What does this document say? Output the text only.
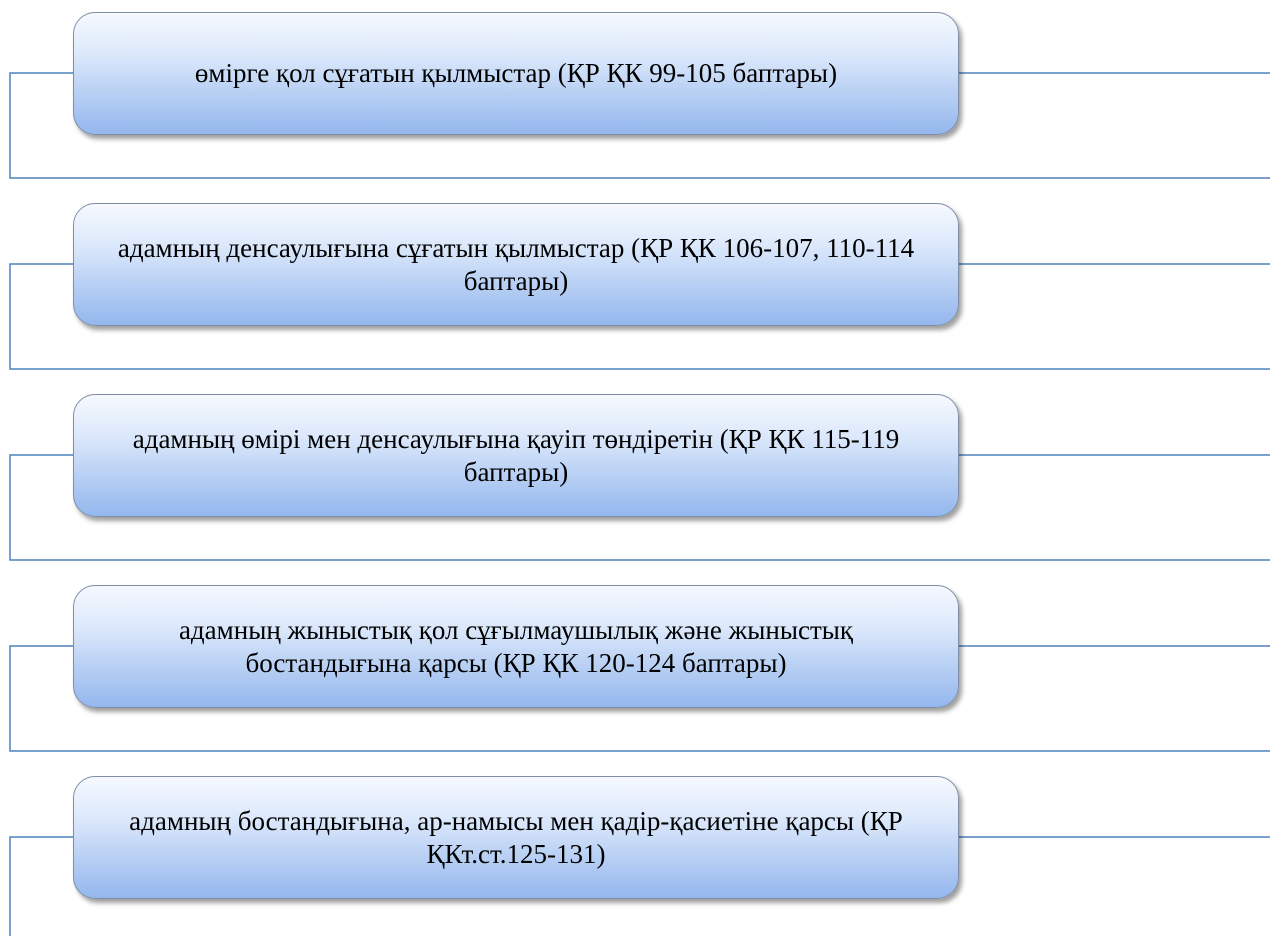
өмірге қол сұғатын қылмыстар (ҚР ҚК 99-105 баптары)
адамның денсаулығына сұғатын қылмыстар (ҚР ҚК 106-107, 110-114 баптары)
адамның өмірі мен денсаулығына қауіп төндіретін (ҚР ҚК 115-119 баптары)
адамның жыныстық қол сұғылмаушылық және жыныстық бостандығына қарсы (ҚР ҚК 120-124 баптары)
адамның бостандығына, ар-намысы мен қадір-қасиетіне қарсы (ҚР ҚКт.ст.125-131)
